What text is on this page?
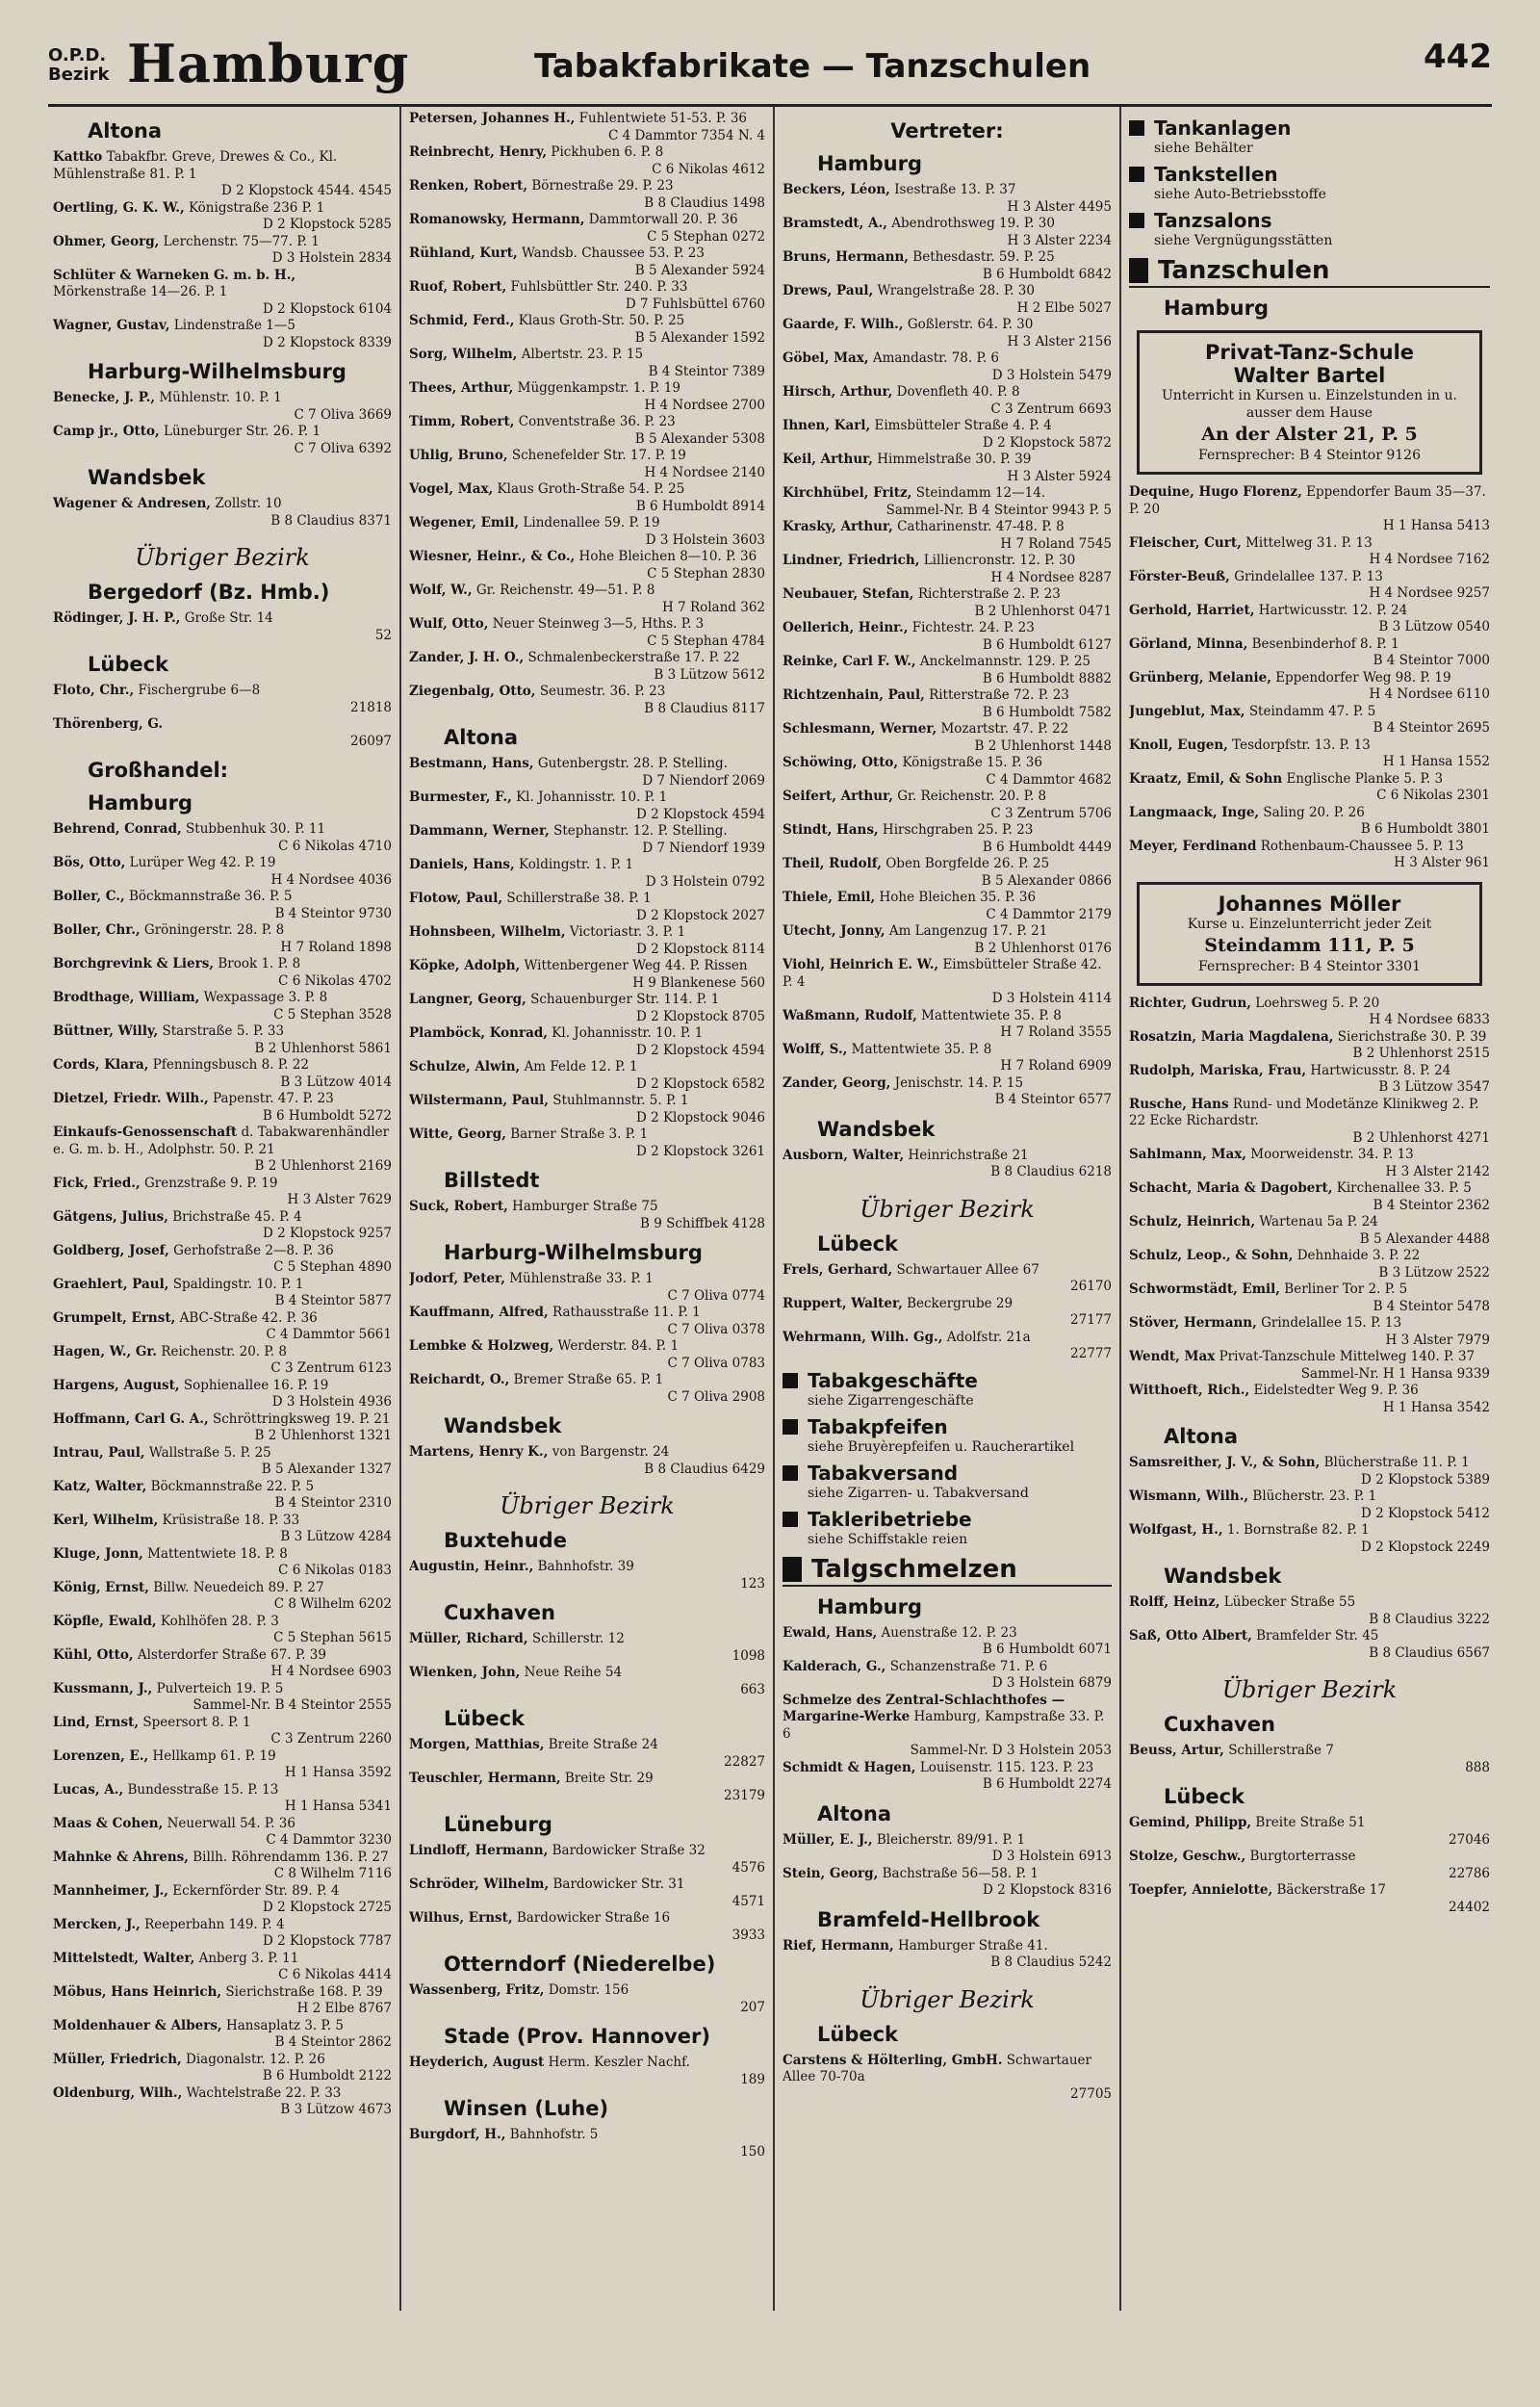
O.P.D.
Bezirk Hamburg	Tabakfabrikate — Tanzschulen	442
Altona
Kattko Tabakfbr. Greve, Drewes & Co., Kl. Mühlenstraße 81. P. 1
D 2 Klopstock 4544. 4545
Oertling, G. K. W., Königstraße 236 P. 1
D 2 Klopstock 5285
Ohmer, Georg, Lerchenstr. 75—77. P. 1
D 3 Holstein 2834
Schlüter & Warneken G. m. b. H., Mörkenstraße 14—26. P. 1
D 2 Klopstock 6104
Wagner, Gustav, Lindenstraße 1—5
D 2 Klopstock 8339
Harburg-Wilhelmsburg
Benecke, J. P., Mühlenstr. 10. P. 1
C 7 Oliva 3669
Camp jr., Otto, Lüneburger Str. 26. P. 1
C 7 Oliva 6392
Wandsbek
Wagener & Andresen, Zollstr. 10
B 8 Claudius 8371
Übriger Bezirk
Bergedorf (Bz. Hmb.)
Rödinger, J. H. P., Große Str. 14
52
Lübeck
Floto, Chr., Fischergrube 6—8
21818
Thörenberg, G.
26097
Großhandel:
Hamburg
Behrend, Conrad, Stubbenhuk 30. P. 11
C 6 Nikolas 4710
Bös, Otto, Lurüper Weg 42. P. 19
H 4 Nordsee 4036
Boller, C., Böckmannstraße 36. P. 5
B 4 Steintor 9730
Boller, Chr., Gröningerstr. 28. P. 8
H 7 Roland 1898
Borchgrevink & Liers, Brook 1. P. 8
C 6 Nikolas 4702
Brodthage, William, Wexpassage 3. P. 8
C 5 Stephan 3528
Büttner, Willy, Starstraße 5. P. 33
B 2 Uhlenhorst 5861
Cords, Klara, Pfenningsbusch 8. P. 22
B 3 Lützow 4014
Dietzel, Friedr. Wilh., Papenstr. 47. P. 23
B 6 Humboldt 5272
Einkaufs-Genossenschaft d. Tabakwarenhändler e. G. m. b. H., Adolphstr. 50. P. 21
B 2 Uhlenhorst 2169
Fick, Fried., Grenzstraße 9. P. 19
H 3 Alster 7629
Gätgens, Julius, Brichstraße 45. P. 4
D 2 Klopstock 9257
Goldberg, Josef, Gerhofstraße 2—8. P. 36
C 5 Stephan 4890
Graehlert, Paul, Spaldingstr. 10. P. 1
B 4 Steintor 5877
Grumpelt, Ernst, ABC-Straße 42. P. 36
C 4 Dammtor 5661
Hagen, W., Gr. Reichenstr. 20. P. 8
C 3 Zentrum 6123
Hargens, August, Sophienallee 16. P. 19
D 3 Holstein 4936
Hoffmann, Carl G. A., Schröttringksweg 19. P. 21
B 2 Uhlenhorst 1321
Intrau, Paul, Wallstraße 5. P. 25
B 5 Alexander 1327
Katz, Walter, Böckmannstraße 22. P. 5
B 4 Steintor 2310
Kerl, Wilhelm, Krüsistraße 18. P. 33
B 3 Lützow 4284
Kluge, Jonn, Mattentwiete 18. P. 8
C 6 Nikolas 0183
König, Ernst, Billw. Neuedeich 89. P. 27
C 8 Wilhelm 6202
Köpfle, Ewald, Kohlhöfen 28. P. 3
C 5 Stephan 5615
Kühl, Otto, Alsterdorfer Straße 67. P. 39
H 4 Nordsee 6903
Kussmann, J., Pulverteich 19. P. 5
Sammel-Nr. B 4 Steintor 2555
Lind, Ernst, Speersort 8. P. 1
C 3 Zentrum 2260
Lorenzen, E., Hellkamp 61. P. 19
H 1 Hansa 3592
Lucas, A., Bundesstraße 15. P. 13
H 1 Hansa 5341
Maas & Cohen, Neuerwall 54. P. 36
C 4 Dammtor 3230
Mahnke & Ahrens, Billh. Röhrendamm 136. P. 27
C 8 Wilhelm 7116
Mannheimer, J., Eckernförder Str. 89. P. 4
D 2 Klopstock 2725
Mercken, J., Reeperbahn 149. P. 4
D 2 Klopstock 7787
Mittelstedt, Walter, Anberg 3. P. 11
C 6 Nikolas 4414
Möbus, Hans Heinrich, Sierichstraße 168. P. 39
H 2 Elbe 8767
Moldenhauer & Albers, Hansaplatz 3. P. 5
B 4 Steintor 2862
Müller, Friedrich, Diagonalstr. 12. P. 26
B 6 Humboldt 2122
Oldenburg, Wilh., Wachtelstraße 22. P. 33
B 3 Lützow 4673
Petersen, Johannes H., Fuhlentwiete 51-53. P. 36
C 4 Dammtor 7354 N. 4
Reinbrecht, Henry, Pickhuben 6. P. 8
C 6 Nikolas 4612
Renken, Robert, Börnestraße 29. P. 23
B 8 Claudius 1498
Romanowsky, Hermann, Dammtorwall 20. P. 36
C 5 Stephan 0272
Rühland, Kurt, Wandsb. Chaussee 53. P. 23
B 5 Alexander 5924
Ruof, Robert, Fuhlsbüttler Str. 240. P. 33
D 7 Fuhlsbüttel 6760
Schmid, Ferd., Klaus Groth-Str. 50. P. 25
B 5 Alexander 1592
Sorg, Wilhelm, Albertstr. 23. P. 15
B 4 Steintor 7389
Thees, Arthur, Müggenkampstr. 1. P. 19
H 4 Nordsee 2700
Timm, Robert, Conventstraße 36. P. 23
B 5 Alexander 5308
Uhlig, Bruno, Schenefelder Str. 17. P. 19
H 4 Nordsee 2140
Vogel, Max, Klaus Groth-Straße 54. P. 25
B 6 Humboldt 8914
Wegener, Emil, Lindenallee 59. P. 19
D 3 Holstein 3603
Wiesner, Heinr., & Co., Hohe Bleichen 8—10. P. 36
C 5 Stephan 2830
Wolf, W., Gr. Reichenstr. 49—51. P. 8
H 7 Roland 362
Wulf, Otto, Neuer Steinweg 3—5, Hths. P. 3
C 5 Stephan 4784
Zander, J. H. O., Schmalenbeckerstraße 17. P. 22
B 3 Lützow 5612
Ziegenbalg, Otto, Seumestr. 36. P. 23
B 8 Claudius 8117
Altona
Bestmann, Hans, Gutenbergstr. 28. P. Stelling.
D 7 Niendorf 2069
Burmester, F., Kl. Johannisstr. 10. P. 1
D 2 Klopstock 4594
Dammann, Werner, Stephanstr. 12. P. Stelling.
D 7 Niendorf 1939
Daniels, Hans, Koldingstr. 1. P. 1
D 3 Holstein 0792
Flotow, Paul, Schillerstraße 38. P. 1
D 2 Klopstock 2027
Hohnsbeen, Wilhelm, Victoriastr. 3. P. 1
D 2 Klopstock 8114
Köpke, Adolph, Wittenbergener Weg 44. P. Rissen
H 9 Blankenese 560
Langner, Georg, Schauenburger Str. 114. P. 1
D 2 Klopstock 8705
Plamböck, Konrad, Kl. Johannisstr. 10. P. 1
D 2 Klopstock 4594
Schulze, Alwin, Am Felde 12. P. 1
D 2 Klopstock 6582
Wilstermann, Paul, Stuhlmannstr. 5. P. 1
D 2 Klopstock 9046
Witte, Georg, Barner Straße 3. P. 1
D 2 Klopstock 3261
Billstedt
Suck, Robert, Hamburger Straße 75
B 9 Schiffbek 4128
Harburg-Wilhelmsburg
Jodorf, Peter, Mühlenstraße 33. P. 1
C 7 Oliva 0774
Kauffmann, Alfred, Rathausstraße 11. P. 1
C 7 Oliva 0378
Lembke & Holzweg, Werderstr. 84. P. 1
C 7 Oliva 0783
Reichardt, O., Bremer Straße 65. P. 1
C 7 Oliva 2908
Wandsbek
Martens, Henry K., von Bargenstr. 24
B 8 Claudius 6429
Übriger Bezirk
Buxtehude
Augustin, Heinr., Bahnhofstr. 39
123
Cuxhaven
Müller, Richard, Schillerstr. 12
1098
Wienken, John, Neue Reihe 54
663
Lübeck
Morgen, Matthias, Breite Straße 24
22827
Teuschler, Hermann, Breite Str. 29
23179
Lüneburg
Lindloff, Hermann, Bardowicker Straße 32
4576
Schröder, Wilhelm, Bardowicker Str. 31
4571
Wilhus, Ernst, Bardowicker Straße 16
3933
Otterndorf (Niederelbe)
Wassenberg, Fritz, Domstr. 156
207
Stade (Prov. Hannover)
Heyderich, August Herm. Keszler Nachf.
189
Winsen (Luhe)
Burgdorf, H., Bahnhofstr. 5
150
Vertreter:
Hamburg
Beckers, Léon, Isestraße 13. P. 37
H 3 Alster 4495
Bramstedt, A., Abendrothsweg 19. P. 30
H 3 Alster 2234
Bruns, Hermann, Bethesdastr. 59. P. 25
B 6 Humboldt 6842
Drews, Paul, Wrangelstraße 28. P. 30
H 2 Elbe 5027
Gaarde, F. Wilh., Goßlerstr. 64. P. 30
H 3 Alster 2156
Göbel, Max, Amandastr. 78. P. 6
D 3 Holstein 5479
Hirsch, Arthur, Dovenfleth 40. P. 8
C 3 Zentrum 6693
Ihnen, Karl, Eimsbütteler Straße 4. P. 4
D 2 Klopstock 5872
Keil, Arthur, Himmelstraße 30. P. 39
H 3 Alster 5924
Kirchhübel, Fritz, Steindamm 12—14.
Sammel-Nr. B 4 Steintor 9943 P. 5
Krasky, Arthur, Catharinenstr. 47-48. P. 8
H 7 Roland 7545
Lindner, Friedrich, Lilliencronstr. 12. P. 30
H 4 Nordsee 8287
Neubauer, Stefan, Richterstraße 2. P. 23
B 2 Uhlenhorst 0471
Oellerich, Heinr., Fichtestr. 24. P. 23
B 6 Humboldt 6127
Reinke, Carl F. W., Anckelmannstr. 129. P. 25
B 6 Humboldt 8882
Richtzenhain, Paul, Ritterstraße 72. P. 23
B 6 Humboldt 7582
Schlesmann, Werner, Mozartstr. 47. P. 22
B 2 Uhlenhorst 1448
Schöwing, Otto, Königstraße 15. P. 36
C 4 Dammtor 4682
Seifert, Arthur, Gr. Reichenstr. 20. P. 8
C 3 Zentrum 5706
Stindt, Hans, Hirschgraben 25. P. 23
B 6 Humboldt 4449
Theil, Rudolf, Oben Borgfelde 26. P. 25
B 5 Alexander 0866
Thiele, Emil, Hohe Bleichen 35. P. 36
C 4 Dammtor 2179
Utecht, Jonny, Am Langenzug 17. P. 21
B 2 Uhlenhorst 0176
Viohl, Heinrich E. W., Eimsbütteler Straße 42. P. 4
D 3 Holstein 4114
Waßmann, Rudolf, Mattentwiete 35. P. 8
H 7 Roland 3555
Wolff, S., Mattentwiete 35. P. 8
H 7 Roland 6909
Zander, Georg, Jenischstr. 14. P. 15
B 4 Steintor 6577
Wandsbek
Ausborn, Walter, Heinrichstraße 21
B 8 Claudius 6218
Übriger Bezirk
Lübeck
Frels, Gerhard, Schwartauer Allee 67
26170
Ruppert, Walter, Beckergrube 29
27177
Wehrmann, Wilh. Gg., Adolfstr. 21a
22777
Tabakgeschäfte
siehe Zigarrengeschäfte
Tabakpfeifen
siehe Bruyèrepfeifen u. Raucherartikel
Tabakversand
siehe Zigarren- u. Tabakversand
Takleribetriebe
siehe Schiffstakle reien
Talgschmelzen
Hamburg
Ewald, Hans, Auenstraße 12. P. 23
B 6 Humboldt 6071
Kalderach, G., Schanzenstraße 71. P. 6
D 3 Holstein 6879
Schmelze des Zentral-Schlachthofes — Margarine-Werke Hamburg, Kampstraße 33. P. 6
Sammel-Nr. D 3 Holstein 2053
Schmidt & Hagen, Louisenstr. 115. 123. P. 23
B 6 Humboldt 2274
Altona
Müller, E. J., Bleicherstr. 89/91. P. 1
D 3 Holstein 6913
Stein, Georg, Bachstraße 56—58. P. 1
D 2 Klopstock 8316
Bramfeld-Hellbrook
Rief, Hermann, Hamburger Straße 41.
B 8 Claudius 5242
Übriger Bezirk
Lübeck
Carstens & Hölterling, GmbH. Schwartauer Allee 70-70a
27705
Tankanlagen
siehe Behälter
Tankstellen
siehe Auto-Betriebsstoffe
Tanzsalons
siehe Vergnügungsstätten
Tanzschulen
Hamburg
Privat-Tanz-Schule
Walter Bartel
Unterricht in Kursen u. Einzelstunden in u. ausser dem Hause
An der Alster 21, P. 5
Fernsprecher: B 4 Steintor 9126
Dequine, Hugo Florenz, Eppendorfer Baum 35—37. P. 20
H 1 Hansa 5413
Fleischer, Curt, Mittelweg 31. P. 13
H 4 Nordsee 7162
Förster-Beuß, Grindelallee 137. P. 13
H 4 Nordsee 9257
Gerhold, Harriet, Hartwicusstr. 12. P. 24
B 3 Lützow 0540
Görland, Minna, Besenbinderhof 8. P. 1
B 4 Steintor 7000
Grünberg, Melanie, Eppendorfer Weg 98. P. 19
H 4 Nordsee 6110
Jungeblut, Max, Steindamm 47. P. 5
B 4 Steintor 2695
Knoll, Eugen, Tesdorpfstr. 13. P. 13
H 1 Hansa 1552
Kraatz, Emil, & Sohn Englische Planke 5. P. 3
C 6 Nikolas 2301
Langmaack, Inge, Saling 20. P. 26
B 6 Humboldt 3801
Meyer, Ferdinand Rothenbaum-Chaussee 5. P. 13
H 3 Alster 961
Johannes Möller
Kurse u. Einzelunterricht jeder Zeit
Steindamm 111, P. 5
Fernsprecher: B 4 Steintor 3301
Richter, Gudrun, Loehrsweg 5. P. 20
H 4 Nordsee 6833
Rosatzin, Maria Magdalena, Sierichstraße 30. P. 39
B 2 Uhlenhorst 2515
Rudolph, Mariska, Frau, Hartwicusstr. 8. P. 24
B 3 Lützow 3547
Rusche, Hans Rund- und Modetänze Klinikweg 2. P. 22 Ecke Richardstr.
B 2 Uhlenhorst 4271
Sahlmann, Max, Moorweidenstr. 34. P. 13
H 3 Alster 2142
Schacht, Maria & Dagobert, Kirchenallee 33. P. 5
B 4 Steintor 2362
Schulz, Heinrich, Wartenau 5a P. 24
B 5 Alexander 4488
Schulz, Leop., & Sohn, Dehnhaide 3. P. 22
B 3 Lützow 2522
Schwormstädt, Emil, Berliner Tor 2. P. 5
B 4 Steintor 5478
Stöver, Hermann, Grindelallee 15. P. 13
H 3 Alster 7979
Wendt, Max Privat-Tanzschule Mittelweg 140. P. 37
Sammel-Nr. H 1 Hansa 9339
Witthoeft, Rich., Eidelstedter Weg 9. P. 36
H 1 Hansa 3542
Altona
Samsreither, J. V., & Sohn, Blücherstraße 11. P. 1
D 2 Klopstock 5389
Wismann, Wilh., Blücherstr. 23. P. 1
D 2 Klopstock 5412
Wolfgast, H., 1. Bornstraße 82. P. 1
D 2 Klopstock 2249
Wandsbek
Rolff, Heinz, Lübecker Straße 55
B 8 Claudius 3222
Saß, Otto Albert, Bramfelder Str. 45
B 8 Claudius 6567
Übriger Bezirk
Cuxhaven
Beuss, Artur, Schillerstraße 7
888
Lübeck
Gemind, Philipp, Breite Straße 51
27046
Stolze, Geschw., Burgtorterrasse
22786
Toepfer, Annielotte, Bäckerstraße 17
24402
